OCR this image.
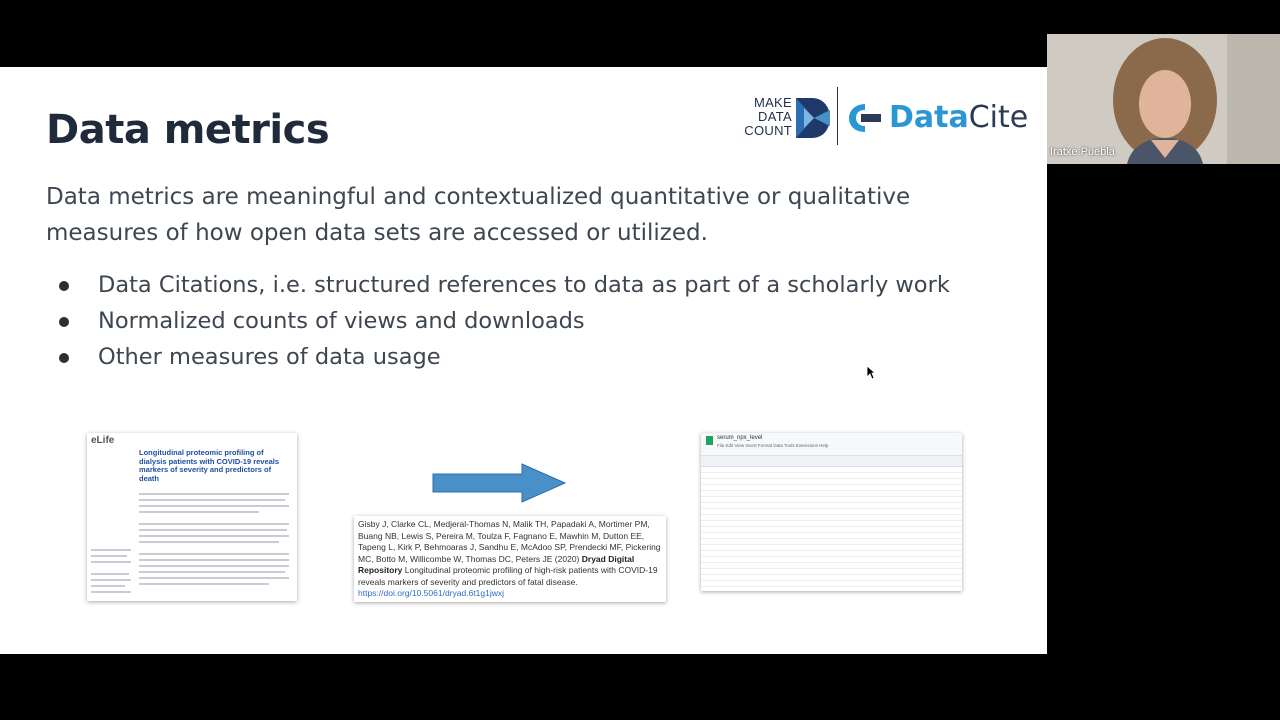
Data metrics
MAKE
DATA
COUNT	DataCite
Data metrics are meaningful and contextualized quantitative or qualitative measures of how open data sets are accessed or utilized.
Data Citations, i.e. structured references to data as part of a scholarly work
Normalized counts of views and downloads
Other measures of data usage
eLife
Longitudinal proteomic profiling of dialysis patients with COVID-19 reveals markers of severity and predictors of death
Gisby J, Clarke CL, Medjeral-Thomas N, Malik TH, Papadaki A, Mortimer PM, Buang NB, Lewis S, Pereira M, Toulza F, Fagnano E, Mawhin M, Dutton EE, Tapeng L, Kirk P, Behmoaras J, Sandhu E, McAdoo SP, Prendecki MF, Pickering MC, Botto M, Willicombe W, Thomas DC, Peters JE (2020) Dryad Digital Repository Longitudinal proteomic profiling of high-risk patients with COVID-19 reveals markers of severity and predictors of fatal disease.
https://doi.org/10.5061/dryad.6t1g1jwxj
serum_npx_level
File Edit View Insert Format Data Tools Extensions Help
Iratxe Puebla
